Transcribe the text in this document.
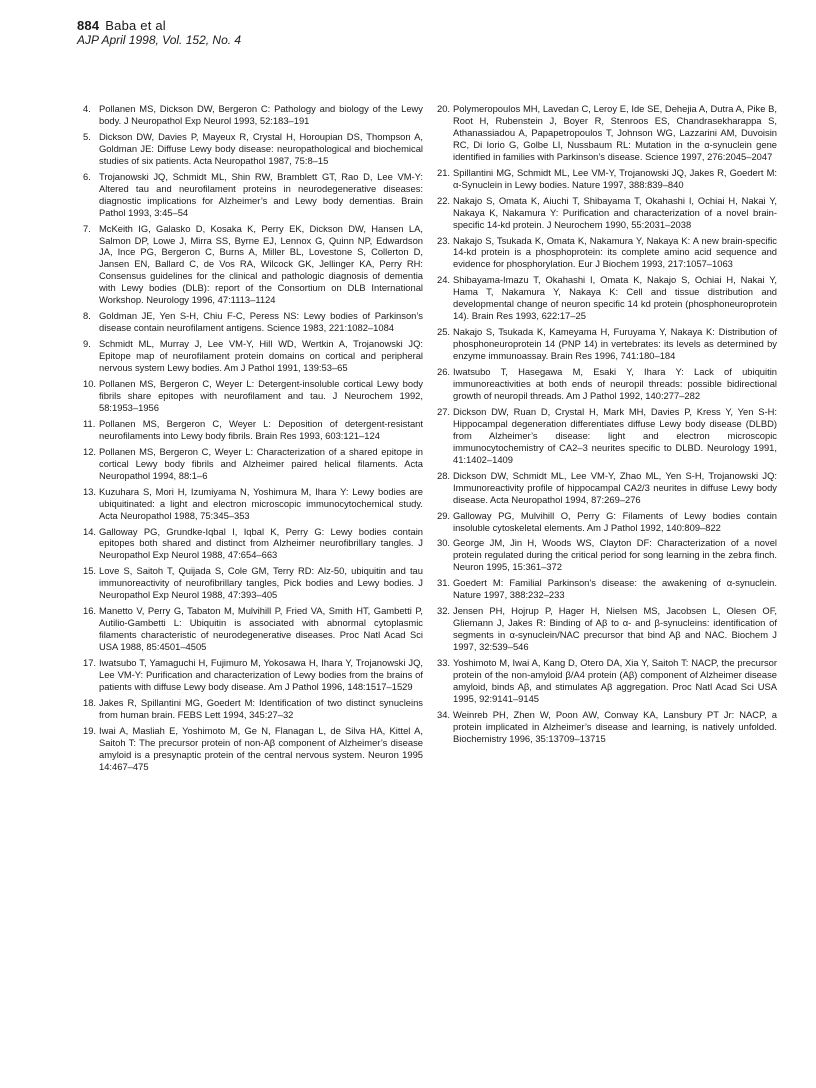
884 Baba et al
AJP April 1998, Vol. 152, No. 4
4. Pollanen MS, Dickson DW, Bergeron C: Pathology and biology of the Lewy body. J Neuropathol Exp Neurol 1993, 52:183–191
5. Dickson DW, Davies P, Mayeux R, Crystal H, Horoupian DS, Thompson A, Goldman JE: Diffuse Lewy body disease: neuropathological and biochemical studies of six patients. Acta Neuropathol 1987, 75:8–15
6. Trojanowski JQ, Schmidt ML, Shin RW, Bramblett GT, Rao D, Lee VM-Y: Altered tau and neurofilament proteins in neurodegenerative diseases: diagnostic implications for Alzheimer’s and Lewy body dementias. Brain Pathol 1993, 3:45–54
7. McKeith IG, Galasko D, Kosaka K, Perry EK, Dickson DW, Hansen LA, Salmon DP, Lowe J, Mirra SS, Byrne EJ, Lennox G, Quinn NP, Edwardson JA, Ince PG, Bergeron C, Burns A, Miller BL, Lovestone S, Collerton D, Jansen EN, Ballard C, de Vos RA, Wilcock GK, Jellinger KA, Perry RH: Consensus guidelines for the clinical and pathologic diagnosis of dementia with Lewy bodies (DLB): report of the Consortium on DLB International Workshop. Neurology 1996, 47:1113–1124
8. Goldman JE, Yen S-H, Chiu F-C, Peress NS: Lewy bodies of Parkinson’s disease contain neurofilament antigens. Science 1983, 221:1082–1084
9. Schmidt ML, Murray J, Lee VM-Y, Hill WD, Wertkin A, Trojanowski JQ: Epitope map of neurofilament protein domains on cortical and peripheral nervous system Lewy bodies. Am J Pathol 1991, 139:53–65
10. Pollanen MS, Bergeron C, Weyer L: Detergent-insoluble cortical Lewy body fibrils share epitopes with neurofilament and tau. J Neurochem 1992, 58:1953–1956
11. Pollanen MS, Bergeron C, Weyer L: Deposition of detergent-resistant neurofilaments into Lewy body fibrils. Brain Res 1993, 603:121–124
12. Pollanen MS, Bergeron C, Weyer L: Characterization of a shared epitope in cortical Lewy body fibrils and Alzheimer paired helical filaments. Acta Neuropathol 1994, 88:1–6
13. Kuzuhara S, Mori H, Izumiyama N, Yoshimura M, Ihara Y: Lewy bodies are ubiquitinated: a light and electron microscopic immunocytochemical study. Acta Neuropathol 1988, 75:345–353
14. Galloway PG, Grundke-Iqbal I, Iqbal K, Perry G: Lewy bodies contain epitopes both shared and distinct from Alzheimer neurofibrillary tangles. J Neuropathol Exp Neurol 1988, 47:654–663
15. Love S, Saitoh T, Quijada S, Cole GM, Terry RD: Alz-50, ubiquitin and tau immunoreactivity of neurofibrillary tangles, Pick bodies and Lewy bodies. J Neuropathol Exp Neurol 1988, 47:393–405
16. Manetto V, Perry G, Tabaton M, Mulvihill P, Fried VA, Smith HT, Gambetti P, Autilio-Gambetti L: Ubiquitin is associated with abnormal cytoplasmic filaments characteristic of neurodegenerative diseases. Proc Natl Acad Sci USA 1988, 85:4501–4505
17. Iwatsubo T, Yamaguchi H, Fujimuro M, Yokosawa H, Ihara Y, Trojanowski JQ, Lee VM-Y: Purification and characterization of Lewy bodies from the brains of patients with diffuse Lewy body disease. Am J Pathol 1996, 148:1517–1529
18. Jakes R, Spillantini MG, Goedert M: Identification of two distinct synucleins from human brain. FEBS Lett 1994, 345:27–32
19. Iwai A, Masliah E, Yoshimoto M, Ge N, Flanagan L, de Silva HA, Kittel A, Saitoh T: The precursor protein of non-Aβ component of Alzheimer’s disease amyloid is a presynaptic protein of the central nervous system. Neuron 1995 14:467–475
20. Polymeropoulos MH, Lavedan C, Leroy E, Ide SE, Dehejia A, Dutra A, Pike B, Root H, Rubenstein J, Boyer R, Stenroos ES, Chandrasekharappa S, Athanassiadou A, Papapetropoulos T, Johnson WG, Lazzarini AM, Duvoisin RC, Di Iorio G, Golbe LI, Nussbaum RL: Mutation in the α-synuclein gene identified in families with Parkinson’s disease. Science 1997, 276:2045–2047
21. Spillantini MG, Schmidt ML, Lee VM-Y, Trojanowski JQ, Jakes R, Goedert M: α-Synuclein in Lewy bodies. Nature 1997, 388:839–840
22. Nakajo S, Omata K, Aiuchi T, Shibayama T, Okahashi I, Ochiai H, Nakai Y, Nakaya K, Nakamura Y: Purification and characterization of a novel brain-specific 14-kd protein. J Neurochem 1990, 55:2031–2038
23. Nakajo S, Tsukada K, Omata K, Nakamura Y, Nakaya K: A new brain-specific 14-kd protein is a phosphoprotein: its complete amino acid sequence and evidence for phosphorylation. Eur J Biochem 1993, 217:1057–1063
24. Shibayama-Imazu T, Okahashi I, Omata K, Nakajo S, Ochiai H, Nakai Y, Hama T, Nakamura Y, Nakaya K: Cell and tissue distribution and developmental change of neuron specific 14 kd protein (phosphoneuroprotein 14). Brain Res 1993, 622:17–25
25. Nakajo S, Tsukada K, Kameyama H, Furuyama Y, Nakaya K: Distribution of phosphoneuroprotein 14 (PNP 14) in vertebrates: its levels as determined by enzyme immunoassay. Brain Res 1996, 741:180–184
26. Iwatsubo T, Hasegawa M, Esaki Y, Ihara Y: Lack of ubiquitin immunoreactivities at both ends of neuropil threads: possible bidirectional growth of neuropil threads. Am J Pathol 1992, 140:277–282
27. Dickson DW, Ruan D, Crystal H, Mark MH, Davies P, Kress Y, Yen S-H: Hippocampal degeneration differentiates diffuse Lewy body disease (DLBD) from Alzheimer’s disease: light and electron microscopic immunocytochemistry of CA2–3 neurites specific to DLBD. Neurology 1991, 41:1402–1409
28. Dickson DW, Schmidt ML, Lee VM-Y, Zhao ML, Yen S-H, Trojanowski JQ: Immunoreactivity profile of hippocampal CA2/3 neurites in diffuse Lewy body disease. Acta Neuropathol 1994, 87:269–276
29. Galloway PG, Mulvihill O, Perry G: Filaments of Lewy bodies contain insoluble cytoskeletal elements. Am J Pathol 1992, 140:809–822
30. George JM, Jin H, Woods WS, Clayton DF: Characterization of a novel protein regulated during the critical period for song learning in the zebra finch. Neuron 1995, 15:361–372
31. Goedert M: Familial Parkinson’s disease: the awakening of α-synuclein. Nature 1997, 388:232–233
32. Jensen PH, Hojrup P, Hager H, Nielsen MS, Jacobsen L, Olesen OF, Gliemann J, Jakes R: Binding of Aβ to α- and β-synucleins: identification of segments in α-synuclein/NAC precursor that bind Aβ and NAC. Biochem J 1997, 32:539–546
33. Yoshimoto M, Iwai A, Kang D, Otero DA, Xia Y, Saitoh T: NACP, the precursor protein of the non-amyloid β/A4 protein (Aβ) component of Alzheimer disease amyloid, binds Aβ, and stimulates Aβ aggregation. Proc Natl Acad Sci USA 1995, 92:9141–9145
34. Weinreb PH, Zhen W, Poon AW, Conway KA, Lansbury PT Jr: NACP, a protein implicated in Alzheimer’s disease and learning, is natively unfolded. Biochemistry 1996, 35:13709–13715
